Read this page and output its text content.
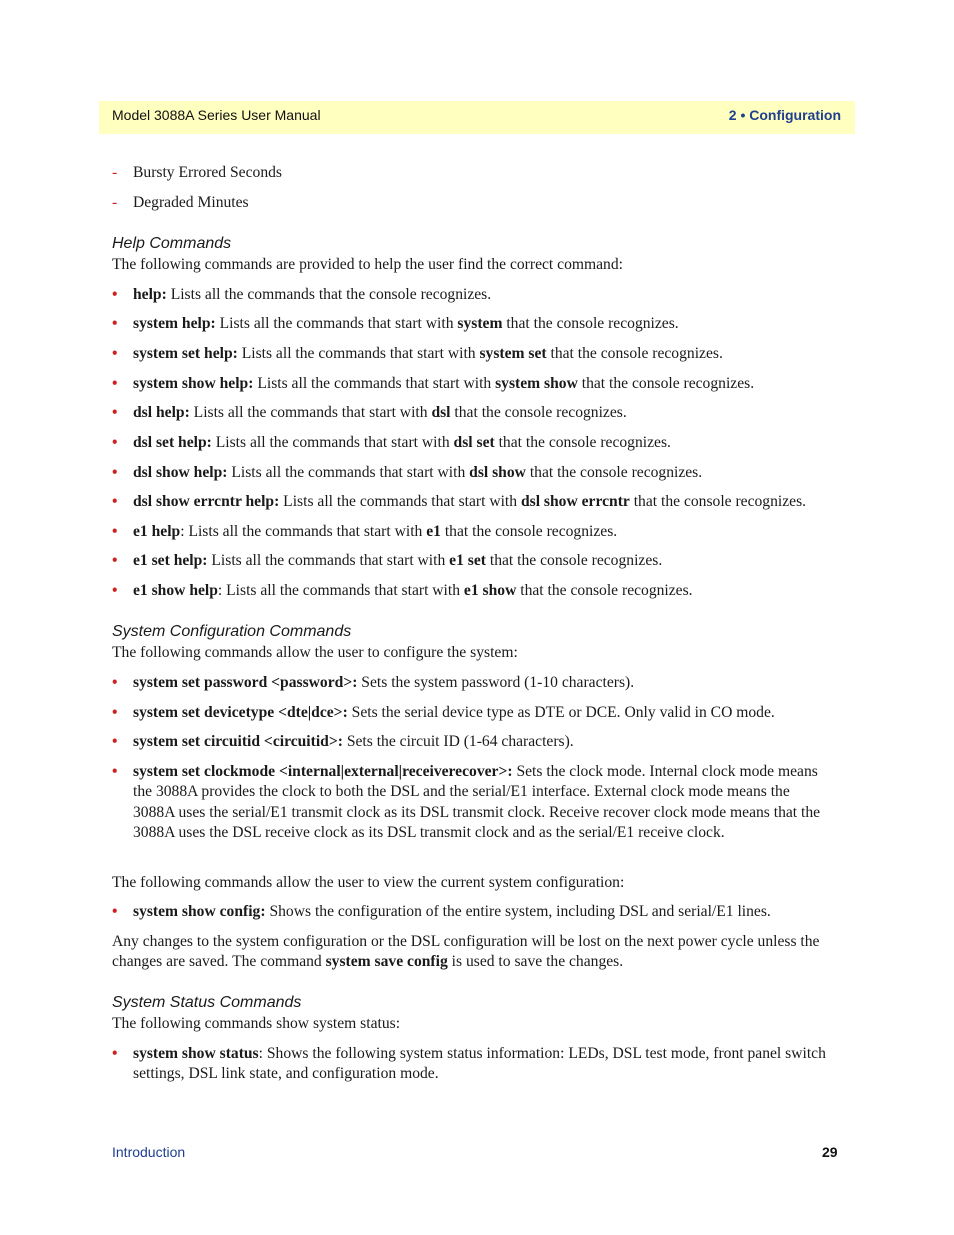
Model 3088A Series User Manual	2 • Configuration
- Bursty Errored Seconds
- Degraded Minutes
Help Commands
The following commands are provided to help the user find the correct command:
• help: Lists all the commands that the console recognizes.
• system help: Lists all the commands that start with system that the console recognizes.
• system set help: Lists all the commands that start with system set that the console recognizes.
• system show help: Lists all the commands that start with system show that the console recognizes.
• dsl help: Lists all the commands that start with dsl that the console recognizes.
• dsl set help: Lists all the commands that start with dsl set that the console recognizes.
• dsl show help: Lists all the commands that start with dsl show that the console recognizes.
• dsl show errcntr help: Lists all the commands that start with dsl show errcntr that the console recognizes.
• e1 help: Lists all the commands that start with e1 that the console recognizes.
• e1 set help: Lists all the commands that start with e1 set that the console recognizes.
• e1 show help: Lists all the commands that start with e1 show that the console recognizes.
System Configuration Commands
The following commands allow the user to configure the system:
• system set password <password>: Sets the system password (1-10 characters).
• system set devicetype <dte|dce>: Sets the serial device type as DTE or DCE. Only valid in CO mode.
• system set circuitid <circuitid>: Sets the circuit ID (1-64 characters).
• system set clockmode <internal|external|receiverecover>: Sets the clock mode. Internal clock mode means the 3088A provides the clock to both the DSL and the serial/E1 interface. External clock mode means the 3088A uses the serial/E1 transmit clock as its DSL transmit clock. Receive recover clock mode means that the 3088A uses the DSL receive clock as its DSL transmit clock and as the serial/E1 receive clock.
The following commands allow the user to view the current system configuration:
• system show config: Shows the configuration of the entire system, including DSL and serial/E1 lines.
Any changes to the system configuration or the DSL configuration will be lost on the next power cycle unless the changes are saved. The command system save config is used to save the changes.
System Status Commands
The following commands show system status:
• system show status: Shows the following system status information: LEDs, DSL test mode, front panel switch settings, DSL link state, and configuration mode.
Introduction	29
